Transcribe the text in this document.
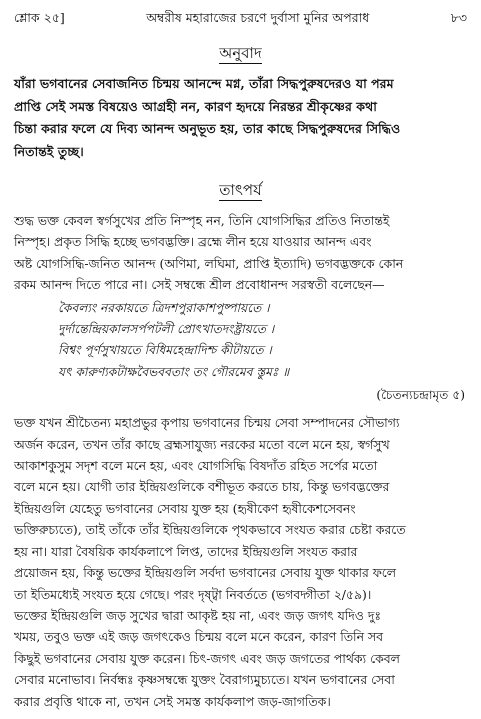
শ্লোক ২৫]	অম্বরীষ মহারাজের চরণে দুর্বাসা মুনির অপরাধ	৮৩
অনুবাদ

যাঁরা ভগবানের সেবাজনিত চিন্ময় আনন্দে মগ্ন, তাঁরা সিদ্ধপুরুষদেরও যা পরম

প্রাপ্তি সেই সমস্ত বিষয়েও আগ্রহী নন, কারণ হৃদয়ে নিরন্তর শ্রীকৃষ্ণের কথা

চিন্তা করার ফলে যে দিব্য আনন্দ অনুভূত হয়, তার কাছে সিদ্ধপুরুষদের সিদ্ধিও

নিতান্তই তুচ্ছ।

তাৎপর্য

শুদ্ধ ভক্ত কেবল স্বর্গসুখের প্রতি নিস্পৃহ নন, তিনি যোগসিদ্ধির প্রতিও নিতান্তই

নিস্পৃহ। প্রকৃত সিদ্ধি হচ্ছে ভগবদ্ভক্তি। ব্রহ্মে লীন হয়ে যাওয়ার আনন্দ এবং

অষ্ট যোগসিদ্ধি-জনিত আনন্দ (অণিমা, লঘিমা, প্রাপ্তি ইত্যাদি) ভগবদ্ভক্তকে কোন

রকম আনন্দ দিতে পারে না। সেই সম্বন্ধে শ্রীল প্রবোধানন্দ সরস্বতী বলেছেন—

কৈবল্যং নরকায়তে ত্রিদশপুরাকাশপুষ্পায়তে ।
দুর্দান্তেন্দ্রিয়কালসর্পপটলী প্রোৎখাতদংষ্ট্রায়তে ।
বিশ্বং পূর্ণসুখায়তে বিধিমহেন্দ্রাদিশ্চ কীটায়তে ।
যৎ কারুণ্যকটাক্ষবৈভববতাং তং গৌরমেব স্তুমঃ ॥
(চৈতন্যচন্দ্রামৃত ৫)

ভক্ত যখন শ্রীচৈতন্য মহাপ্রভুর কৃপায় ভগবানের চিন্ময় সেবা সম্পাদনের সৌভাগ্য

অর্জন করেন, তখন তাঁর কাছে ব্রহ্মসাযুজ্য নরকের মতো বলে মনে হয়, স্বর্গসুখ

আকাশকুসুম সদৃশ বলে মনে হয়, এবং যোগসিদ্ধি বিষদাঁত রহিত সর্পের মতো

বলে মনে হয়। যোগী তার ইন্দ্রিয়গুলিকে বশীভূত করতে চায়, কিন্তু ভগবদ্ভক্তের

ইন্দ্রিয়গুলি যেহেতু ভগবানের সেবায় যুক্ত হয় (হৃষীকেণ হৃষীকেশসেবনং

ভক্তিরুচ্যতে), তাই তাঁকে তাঁর ইন্দ্রিয়গুলিকে পৃথকভাবে সংযত করার চেষ্টা করতে

হয় না। যারা বৈষয়িক কার্যকলাপে লিপ্ত, তাদের ইন্দ্রিয়গুলি সংযত করার

প্রয়োজন হয়, কিন্তু ভক্তের ইন্দ্রিয়গুলি সর্বদা ভগবানের সেবায় যুক্ত থাকার ফলে

তা ইতিমধ্যেই সংযত হয়ে গেছে। পরং দৃষ্ট্বা নিবর্ততে (ভগবদ্গীতা ২/৫৯)।

ভক্তের ইন্দ্রিয়গুলি জড় সুখের দ্বারা আকৃষ্ট হয় না, এবং জড় জগৎ যদিও দুঃ

খময়, তবুও ভক্ত এই জড় জগৎকেও চিন্ময় বলে মনে করেন, কারণ তিনি সব

কিছুই ভগবানের সেবায় যুক্ত করেন। চিৎ-জগৎ এবং জড় জগতের পার্থক্য কেবল

সেবার মনোভাব। নির্বন্ধঃ কৃষ্ণসম্বন্ধে যুক্তং বৈরাগ্যমুচ্যতে। যখন ভগবানের সেবা

করার প্রবৃত্তি থাকে না, তখন সেই সমস্ত কার্যকলাপ জড়-জাগতিক।
